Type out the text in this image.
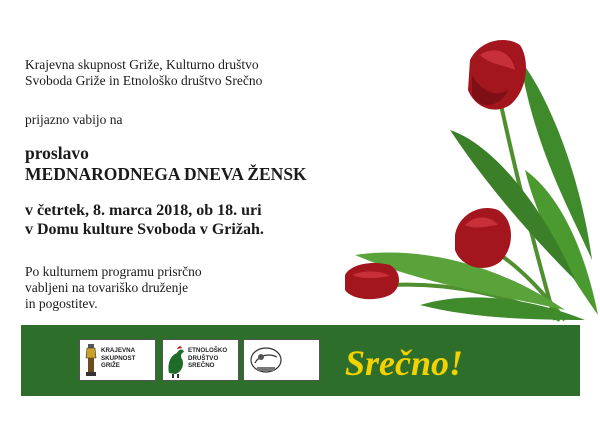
Krajevna skupnost Griže, Kulturno društvo
Svoboda Griže in Etnološko društvo Srečno
prijazno vabijo na
proslavo
MEDNARODNEGA DNEVA ŽENSK
v četrtek, 8. marca 2018, ob 18. uri
v Domu kulture Svoboda v Grižah.
Po kulturnem programu prisrčno
vabljeni na tovariško druženje
in pogostitev.
KRAJEVNA
SKUPNOST
GRIŽE
ETNOLOŠKO
DRUŠTVO
SREČNO	Srečno!
